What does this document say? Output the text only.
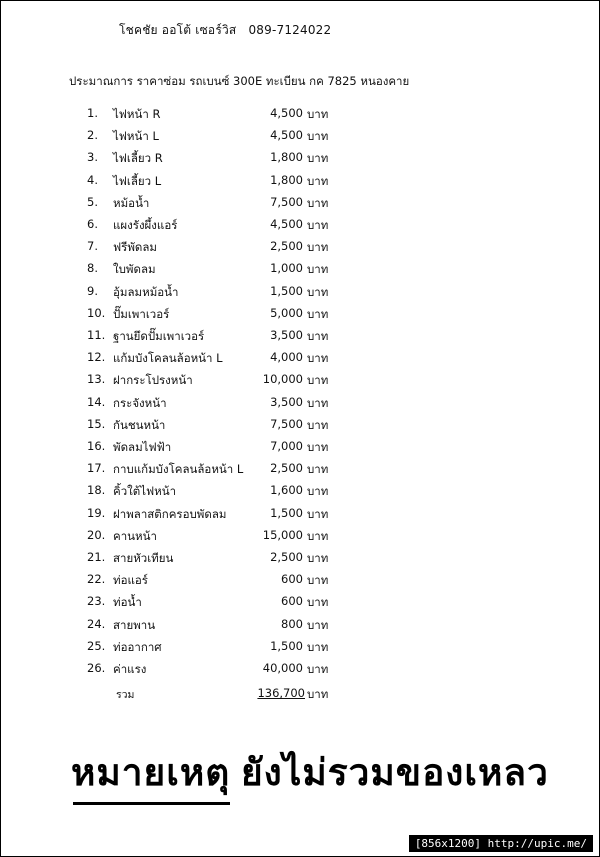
โชคชัย ออโต้ เซอร์วิส 089-7124022
ประมาณการ ราคาซ่อม รถเบนซ์ 300E ทะเบียน กค 7825 หนองคาย
1. ไฟหน้า R	4,500 บาท
2. ไฟหน้า L	4,500 บาท
3. ไฟเลี้ยว R	1,800 บาท
4. ไฟเลี้ยว L	1,800 บาท
5. หม้อน้ำ	7,500 บาท
6. แผงรังผึ้งแอร์	4,500 บาท
7. ฟรีพัดลม	2,500 บาท
8. ใบพัดลม	1,000 บาท
9. อุ้มลมหม้อน้ำ	1,500 บาท
10. ปั๊มเพาเวอร์	5,000 บาท
11. ฐานยึดปั๊มเพาเวอร์	3,500 บาท
12. แก้มบังโคลนล้อหน้า L	4,000 บาท
13. ฝากระโปรงหน้า	10,000 บาท
14. กระจังหน้า	3,500 บาท
15. กันชนหน้า	7,500 บาท
16. พัดลมไฟฟ้า	7,000 บาท
17. กาบแก้มบังโคลนล้อหน้า L	2,500 บาท
18. คิ้วใต้ไฟหน้า	1,600 บาท
19. ฝาพลาสติกครอบพัดลม	1,500 บาท
20. คานหน้า	15,000 บาท
21. สายหัวเทียน	2,500 บาท
22. ท่อแอร์	600 บาท
23. ท่อน้ำ	600 บาท
24. สายพาน	800 บาท
25. ท่ออากาศ	1,500 บาท
26. ค่าแรง	40,000 บาท
รวม	136,700 บาท
หมายเหตุ ยังไม่รวมของเหลว
[856x1200] http://upic.me/
